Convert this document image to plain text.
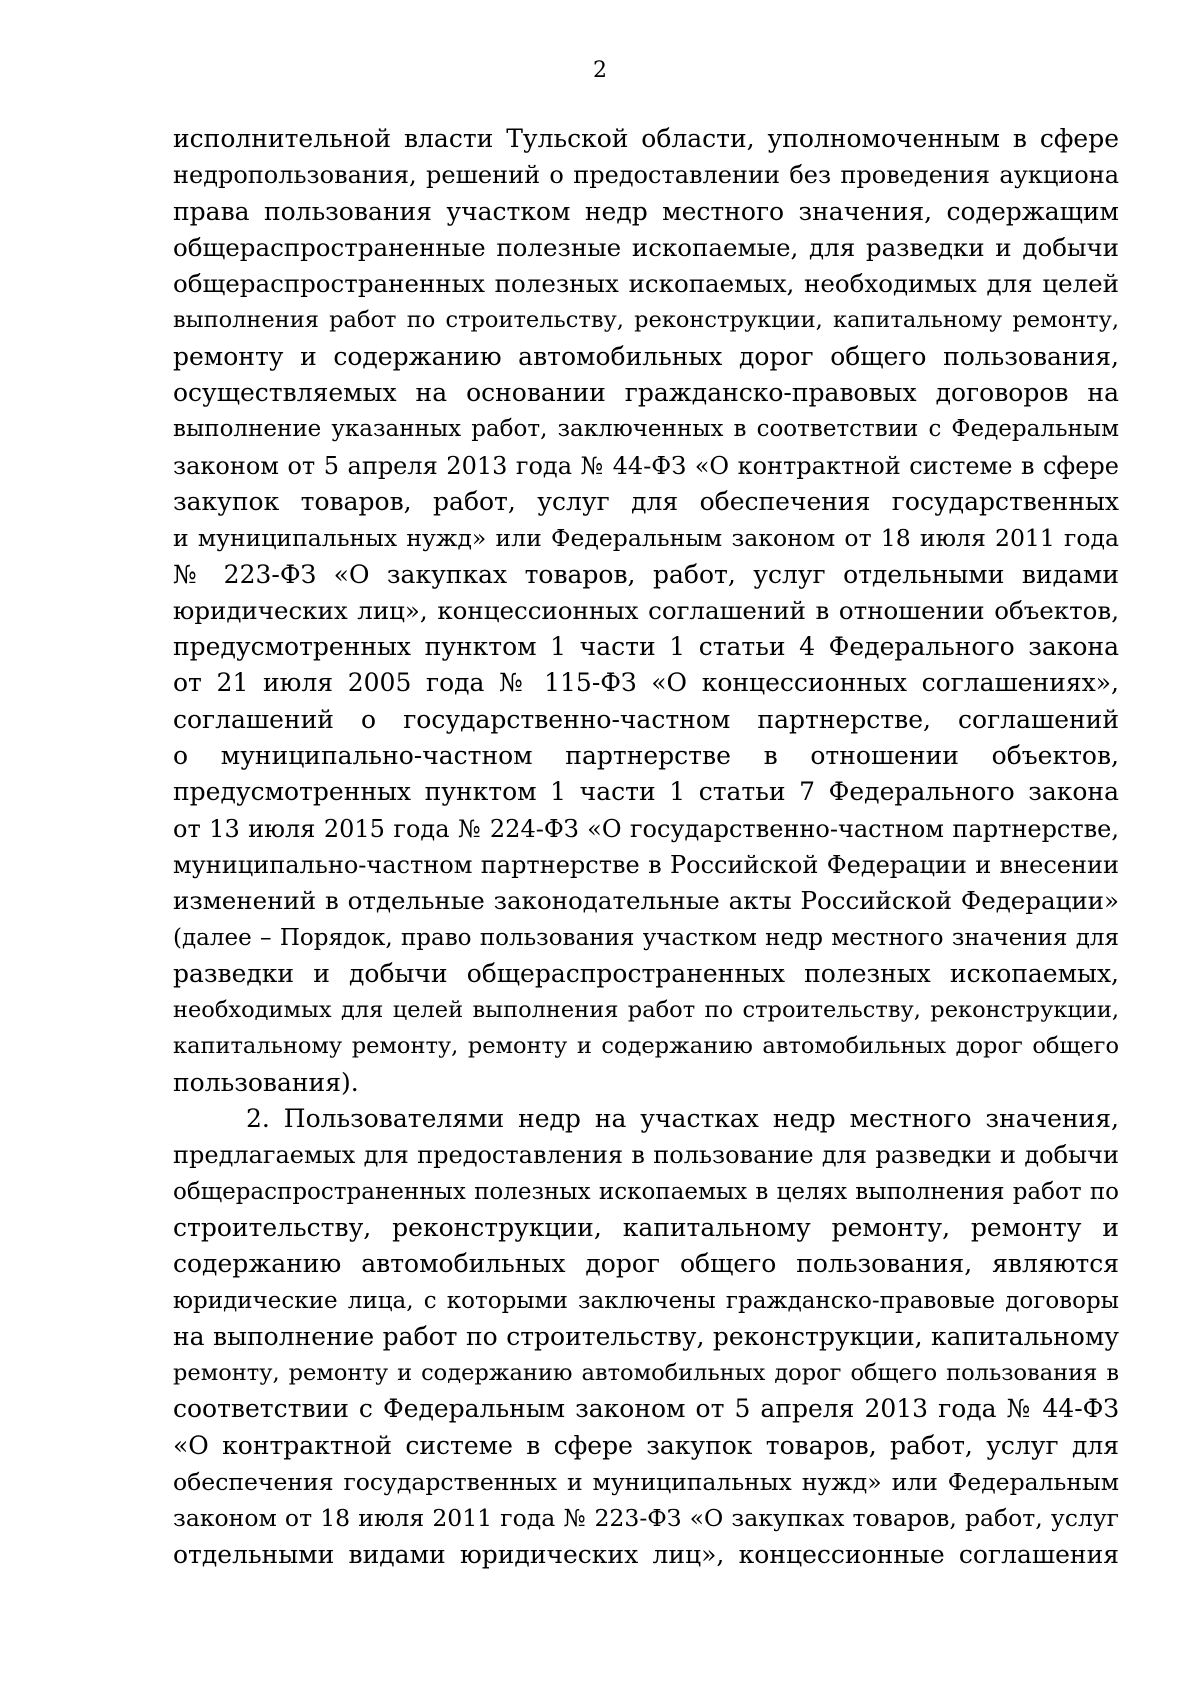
2
исполнительной власти Тульской области, уполномоченным в сфере
недропользования, решений о предоставлении без проведения аукциона
права пользования участком недр местного значения, содержащим
общераспространенные полезные ископаемые, для разведки и добычи
общераспространенных полезных ископаемых, необходимых для целей
выполнения работ по строительству, реконструкции, капитальному ремонту,
ремонту и содержанию автомобильных дорог общего пользования,
осуществляемых на основании гражданско-правовых договоров на
выполнение указанных работ, заключенных в соответствии с Федеральным
законом от 5 апреля 2013 года № 44-ФЗ «О контрактной системе в сфере
закупок товаров, работ, услуг для обеспечения государственных
и муниципальных нужд» или Федеральным законом от 18 июля 2011 года
№ 223-ФЗ «О закупках товаров, работ, услуг отдельными видами
юридических лиц», концессионных соглашений в отношении объектов,
предусмотренных пунктом 1 части 1 статьи 4 Федерального закона
от 21 июля 2005 года № 115-ФЗ «О концессионных соглашениях»,
соглашений о государственно-частном партнерстве, соглашений
о муниципально-частном партнерстве в отношении объектов,
предусмотренных пунктом 1 части 1 статьи 7 Федерального закона
от 13 июля 2015 года № 224-ФЗ «О государственно-частном партнерстве,
муниципально-частном партнерстве в Российской Федерации и внесении
изменений в отдельные законодательные акты Российской Федерации»
(далее – Порядок, право пользования участком недр местного значения для
разведки и добычи общераспространенных полезных ископаемых,
необходимых для целей выполнения работ по строительству, реконструкции,
капитальному ремонту, ремонту и содержанию автомобильных дорог общего
пользования).
2. Пользователями недр на участках недр местного значения,
предлагаемых для предоставления в пользование для разведки и добычи
общераспространенных полезных ископаемых в целях выполнения работ по
строительству, реконструкции, капитальному ремонту, ремонту и
содержанию автомобильных дорог общего пользования, являются
юридические лица, с которыми заключены гражданско-правовые договоры
на выполнение работ по строительству, реконструкции, капитальному
ремонту, ремонту и содержанию автомобильных дорог общего пользования в
соответствии с Федеральным законом от 5 апреля 2013 года № 44-ФЗ
«О контрактной системе в сфере закупок товаров, работ, услуг для
обеспечения государственных и муниципальных нужд» или Федеральным
законом от 18 июля 2011 года № 223-ФЗ «О закупках товаров, работ, услуг
отдельными видами юридических лиц», концессионные соглашения
